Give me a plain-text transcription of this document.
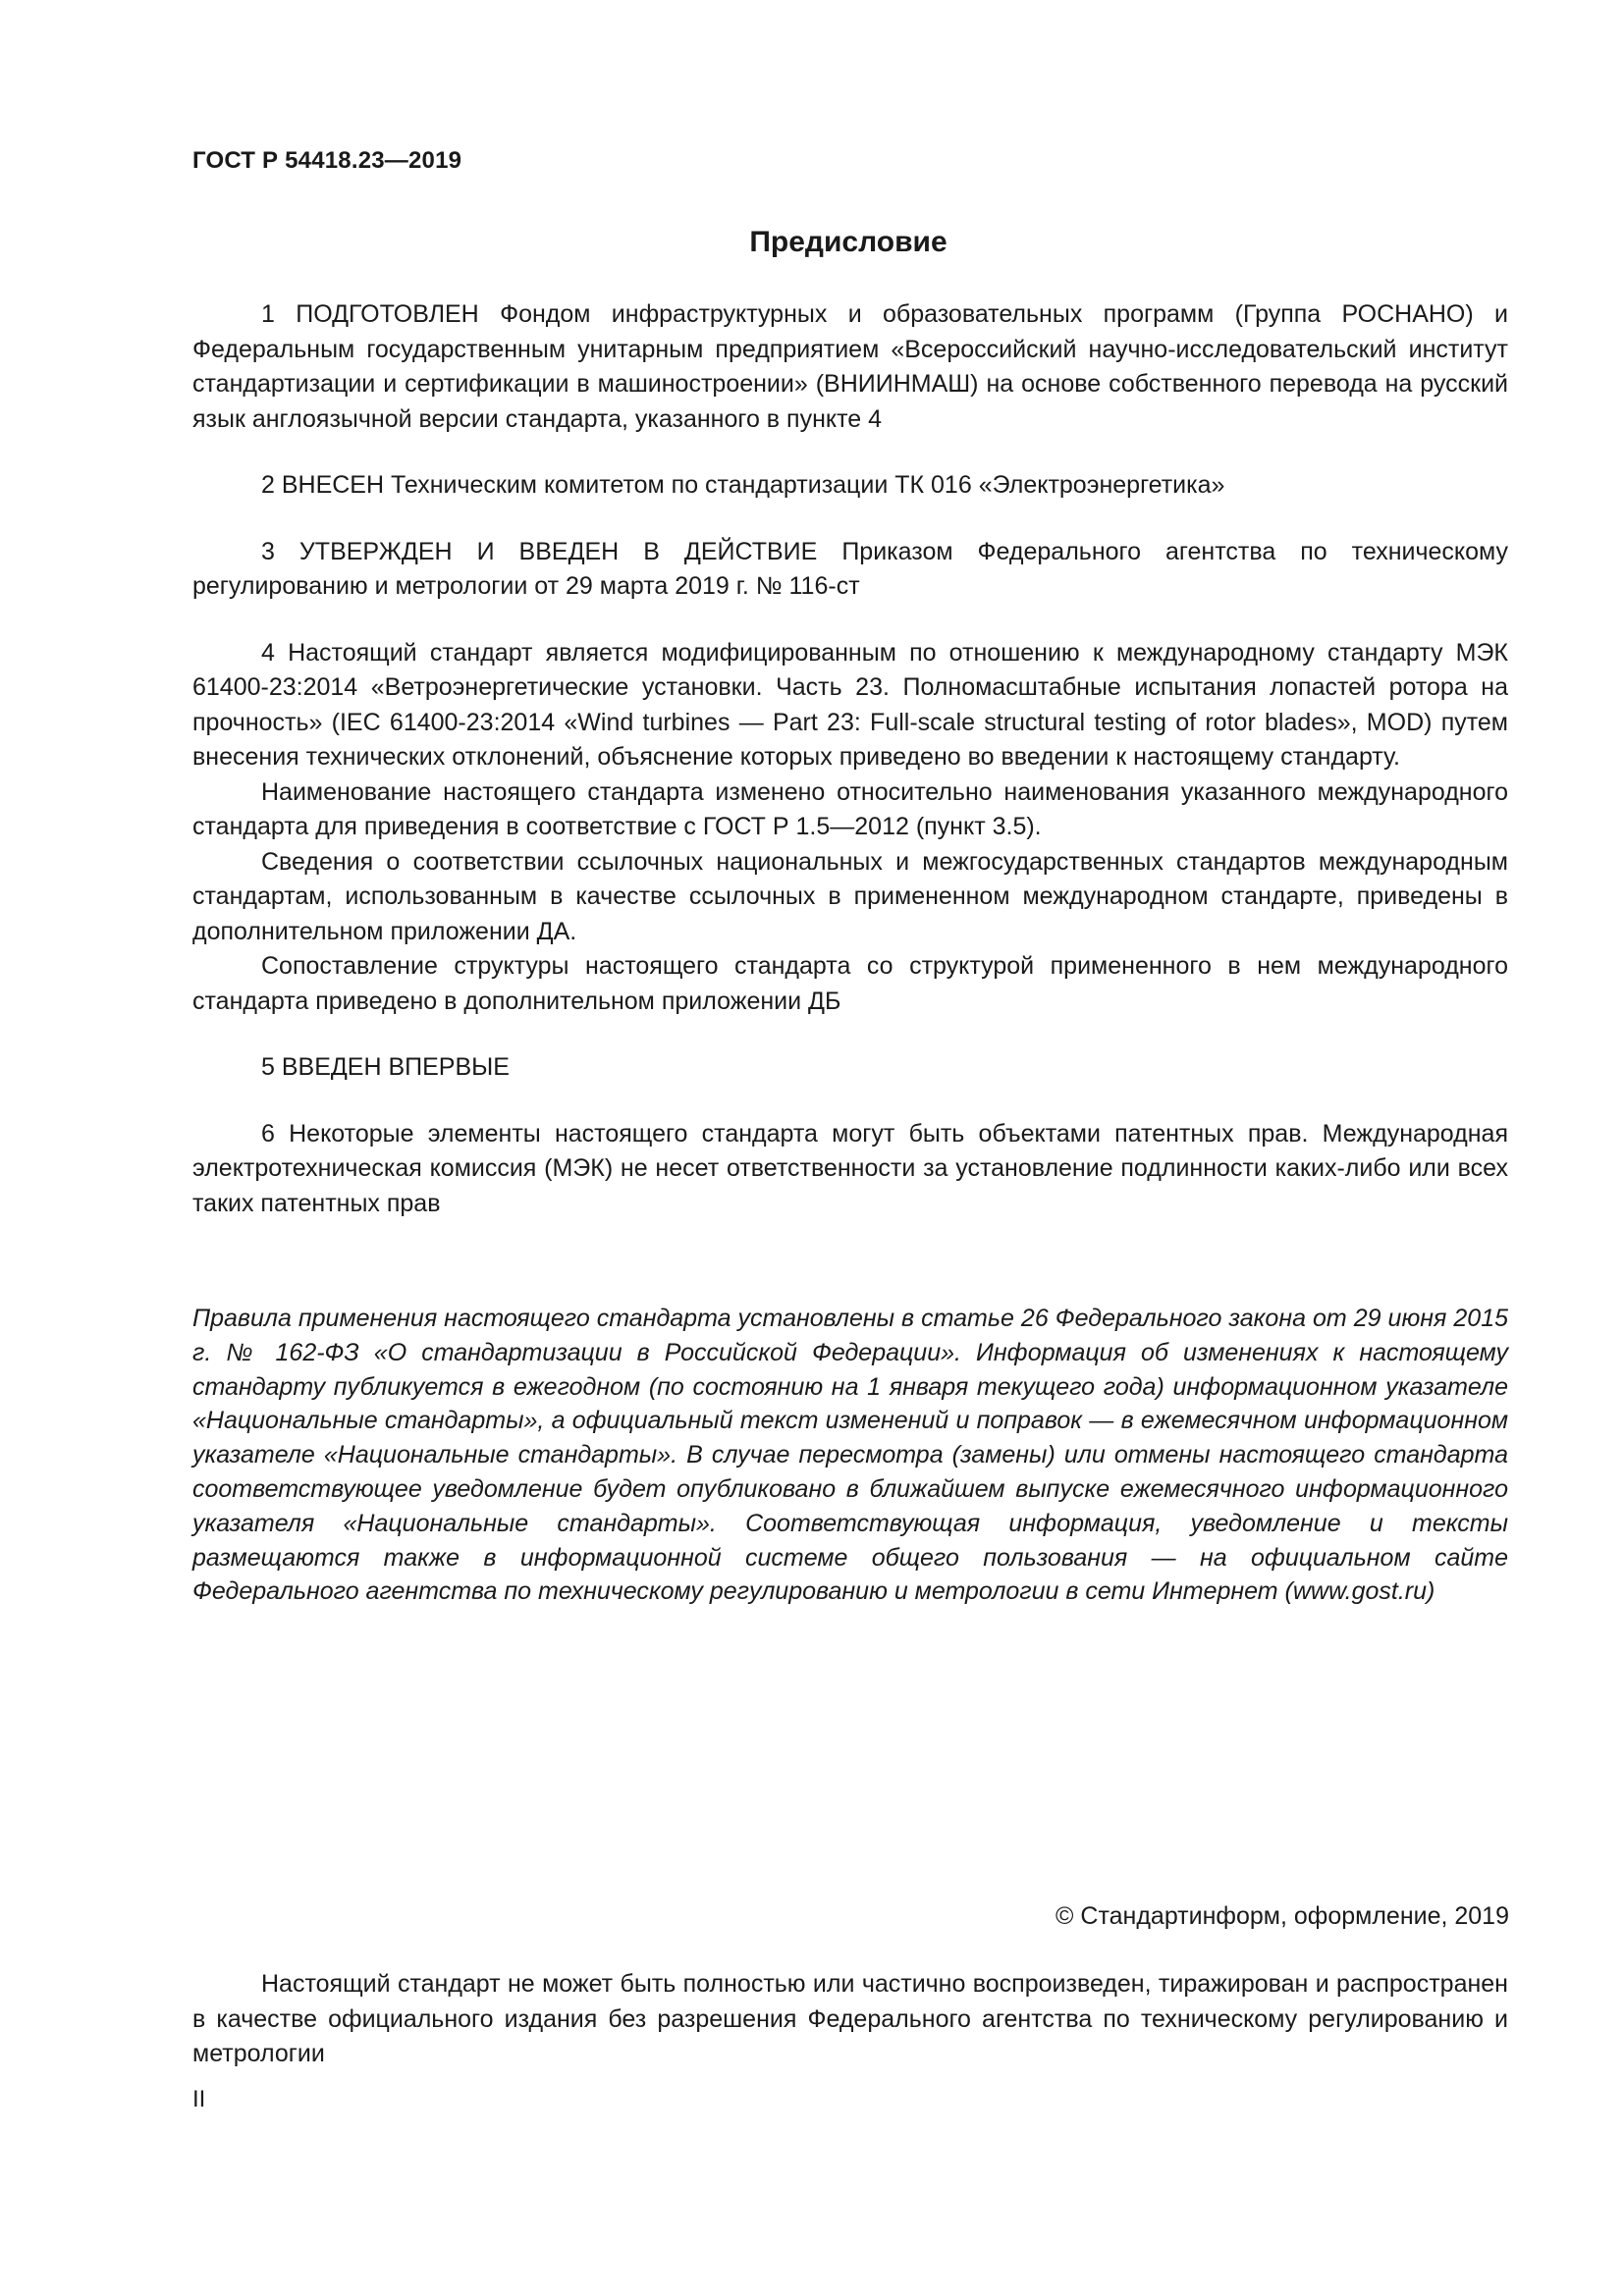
ГОСТ Р 54418.23—2019
Предисловие

1 ПОДГОТОВЛЕН Фондом инфраструктурных и образовательных программ (Группа РОСНАНО) и Федеральным государственным унитарным предприятием «Всероссийский научно-исследовательский институт стандартизации и сертификации в машиностроении» (ВНИИНМАШ) на основе собственного перевода на русский язык англоязычной версии стандарта, указанного в пункте 4

2 ВНЕСЕН Техническим комитетом по стандартизации ТК 016 «Электроэнергетика»

3 УТВЕРЖДЕН И ВВЕДЕН В ДЕЙСТВИЕ Приказом Федерального агентства по техническому регулированию и метрологии от 29 марта 2019 г. № 116-ст

4 Настоящий стандарт является модифицированным по отношению к международному стандарту МЭК 61400-23:2014 «Ветроэнергетические установки. Часть 23. Полномасштабные испытания лопастей ротора на прочность» (IEC 61400-23:2014 «Wind turbines — Part 23: Full-scale structural testing of rotor blades», MOD) путем внесения технических отклонений, объяснение которых приведено во введении к настоящему стандарту.

Наименование настоящего стандарта изменено относительно наименования указанного международного стандарта для приведения в соответствие с ГОСТ Р 1.5—2012 (пункт 3.5).

Сведения о соответствии ссылочных национальных и межгосударственных стандартов международным стандартам, использованным в качестве ссылочных в примененном международном стандарте, приведены в дополнительном приложении ДА.

Сопоставление структуры настоящего стандарта со структурой примененного в нем международного стандарта приведено в дополнительном приложении ДБ

5 ВВЕДЕН ВПЕРВЫЕ

6 Некоторые элементы настоящего стандарта могут быть объектами патентных прав. Международная электротехническая комиссия (МЭК) не несет ответственности за установление подлинности каких-либо или всех таких патентных прав

Правила применения настоящего стандарта установлены в статье 26 Федерального закона от 29 июня 2015 г. № 162-ФЗ «О стандартизации в Российской Федерации». Информация об изменениях к настоящему стандарту публикуется в ежегодном (по состоянию на 1 января текущего года) информационном указателе «Национальные стандарты», а официальный текст изменений и поправок — в ежемесячном информационном указателе «Национальные стандарты». В случае пересмотра (замены) или отмены настоящего стандарта соответствующее уведомление будет опубликовано в ближайшем выпуске ежемесячного информационного указателя «Национальные стандарты». Соответствующая информация, уведомление и тексты размещаются также в информационной системе общего пользования — на официальном сайте Федерального агентства по техническому регулированию и метрологии в сети Интернет (www.gost.ru)

© Стандартинформ, оформление, 2019

Настоящий стандарт не может быть полностью или частично воспроизведен, тиражирован и распространен в качестве официального издания без разрешения Федерального агентства по техническому регулированию и метрологии

II
